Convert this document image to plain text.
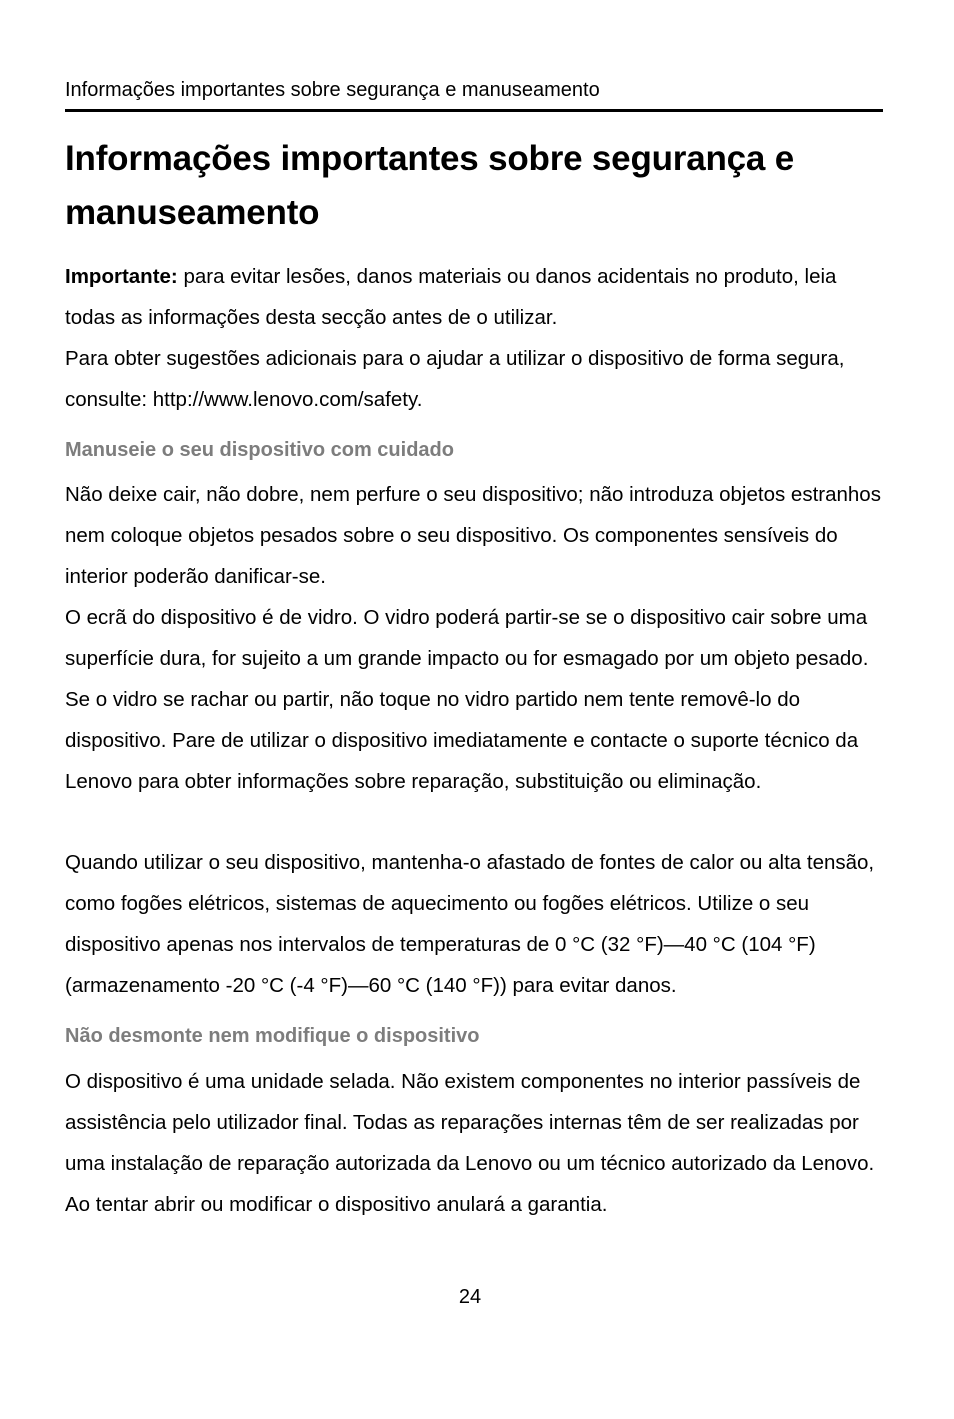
Informações importantes sobre segurança e manuseamento
Informações importantes sobre segurança e manuseamento

Importante: para evitar lesões, danos materiais ou danos acidentais no produto, leia todas as informações desta secção antes de o utilizar.

Para obter sugestões adicionais para o ajudar a utilizar o dispositivo de forma segura, consulte: http://www.lenovo.com/safety.

Manuseie o seu dispositivo com cuidado

Não deixe cair, não dobre, nem perfure o seu dispositivo; não introduza objetos estranhos nem coloque objetos pesados sobre o seu dispositivo. Os componentes sensíveis do interior poderão danificar-se.

O ecrã do dispositivo é de vidro. O vidro poderá partir-se se o dispositivo cair sobre uma superfície dura, for sujeito a um grande impacto ou for esmagado por um objeto pesado. Se o vidro se rachar ou partir, não toque no vidro partido nem tente removê-lo do dispositivo. Pare de utilizar o dispositivo imediatamente e contacte o suporte técnico da Lenovo para obter informações sobre reparação, substituição ou eliminação.

Quando utilizar o seu dispositivo, mantenha-o afastado de fontes de calor ou alta tensão, como fogões elétricos, sistemas de aquecimento ou fogões elétricos. Utilize o seu dispositivo apenas nos intervalos de temperaturas de 0 °C (32 °F)—40 °C (104 °F) (armazenamento -20 °C (-4 °F)—60 °C (140 °F)) para evitar danos.

Não desmonte nem modifique o dispositivo

O dispositivo é uma unidade selada. Não existem componentes no interior passíveis de assistência pelo utilizador final. Todas as reparações internas têm de ser realizadas por uma instalação de reparação autorizada da Lenovo ou um técnico autorizado da Lenovo. Ao tentar abrir ou modificar o dispositivo anulará a garantia.

24
